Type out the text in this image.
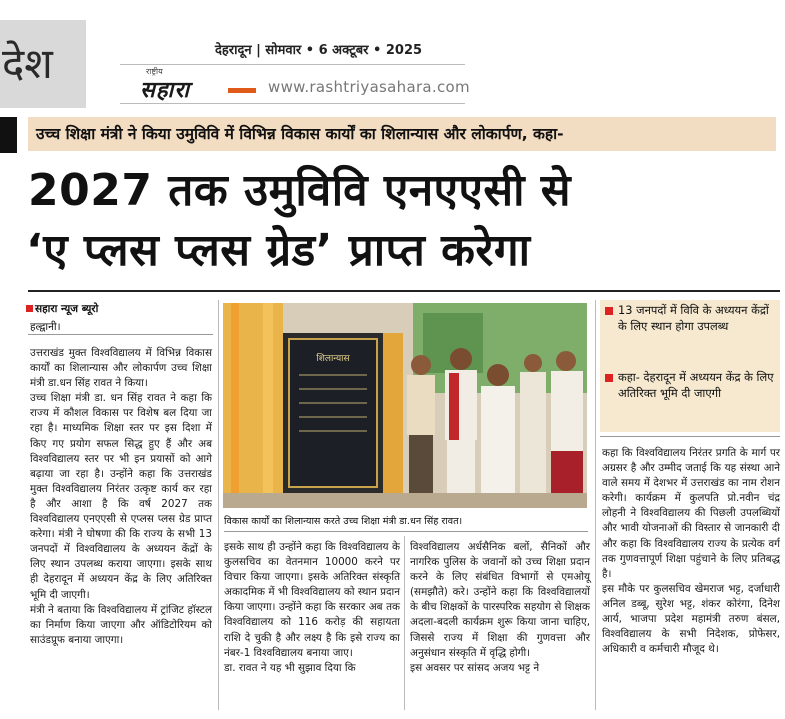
देश	देहरादून | सोमवार • 6 अक्टूबर • 2025
राष्ट्रीय
सहारा	www.rashtriyasahara.com
उच्च शिक्षा मंत्री ने किया उमुविवि में विभिन्न विकास कार्यों का शिलान्यास और लोकार्पण, कहा-
2027 तक उमुविवि एनएएसी से
‘ए प्लस प्लस ग्रेड’ प्राप्त करेगा
सहारा न्यूज ब्यूरो
हल्द्वानी।
उत्तराखंड मुक्त विश्वविद्यालय में विभिन्न विकास कार्यों का शिलान्यास और लोकार्पण उच्च शिक्षा मंत्री डा.धन सिंह रावत ने किया।
उच्च शिक्षा मंत्री डा. धन सिंह रावत ने कहा कि राज्य में कौशल विकास पर विशेष बल दिया जा रहा है। माध्यमिक शिक्षा स्तर पर इस दिशा में किए गए प्रयोग सफल सिद्ध हुए हैं और अब विश्वविद्यालय स्तर पर भी इन प्रयासों को आगे बढ़ाया जा रहा है। उन्होंने कहा कि उत्तराखंड मुक्त विश्वविद्यालय निरंतर उत्कृष्ट कार्य कर रहा है और आशा है कि वर्ष 2027 तक विश्वविद्यालय एनएएसी से एप्लस प्लस ग्रेड प्राप्त करेगा। मंत्री ने घोषणा की कि राज्य के सभी 13 जनपदों में विश्वविद्यालय के अध्ययन केंद्रों के लिए स्थान उपलब्ध कराया जाएगा। इसके साथ ही देहरादून में अध्ययन केंद्र के लिए अतिरिक्त भूमि दी जाएगी।
मंत्री ने बताया कि विश्वविद्यालय में ट्रांजिट हॉस्टल का निर्माण किया जाएगा और ऑडिटोरियम को साउंडप्रूफ बनाया जाएगा।
इसके साथ ही उन्होंने कहा कि विश्वविद्यालय के कुलसचिव का वेतनमान 10000 करने पर विचार किया जाएगा। इसके अतिरिक्त संस्कृति अकादमिक में भी विश्वविद्यालय को स्थान प्रदान किया जाएगा। उन्होंने कहा कि सरकार अब तक विश्वविद्यालय को 116 करोड़ की सहायता राशि दे चुकी है और लक्ष्य है कि इसे राज्य का नंबर-1 विश्वविद्यालय बनाया जाए।
डा. रावत ने यह भी सुझाव दिया कि
विश्वविद्यालय अर्धसैनिक बलों, सैनिकों और नागरिक पुलिस के जवानों को उच्च शिक्षा प्रदान करने के लिए संबंधित विभागों से एमओयू (समझौते) करे। उन्होंने कहा कि विश्वविद्यालयों के बीच शिक्षकों के पारस्परिक सहयोग से शिक्षक अदला-बदली कार्यक्रम शुरू किया जाना चाहिए, जिससे राज्य में शिक्षा की गुणवत्ता और अनुसंधान संस्कृति में वृद्धि होगी।
इस अवसर पर सांसद अजय भट्ट ने
कहा कि विश्वविद्यालय निरंतर प्रगति के मार्ग पर अग्रसर है और उम्मीद जताई कि यह संस्था आने वाले समय में देशभर में उत्तराखंड का नाम रोशन करेगी। कार्यक्रम में कुलपति प्रो.नवीन चंद्र लोहनी ने विश्वविद्यालय की पिछली उपलब्धियों और भावी योजनाओं की विस्तार से जानकारी दी और कहा कि विश्वविद्यालय राज्य के प्रत्येक वर्ग तक गुणवत्तापूर्ण शिक्षा पहुंचाने के लिए प्रतिबद्ध है।
इस मौके पर कुलसचिव खेमराज भट्ट, दर्जाधारी अनिल डब्बू, सुरेश भट्ट, शंकर कोरंगा, दिनेश आर्य, भाजपा प्रदेश महामंत्री तरुण बंसल, विश्वविद्यालय के सभी निदेशक, प्रोफेसर, अधिकारी व कर्मचारी मौजूद थे।
शिलान्यास
विकास कार्यों का शिलान्यास करते उच्च शिक्षा मंत्री डा.धन सिंह रावत।
13 जनपदों में विवि के अध्ययन केंद्रों के लिए स्थान होगा उपलब्ध
कहा- देहरादून में अध्ययन केंद्र के लिए अतिरिक्त भूमि दी जाएगी
